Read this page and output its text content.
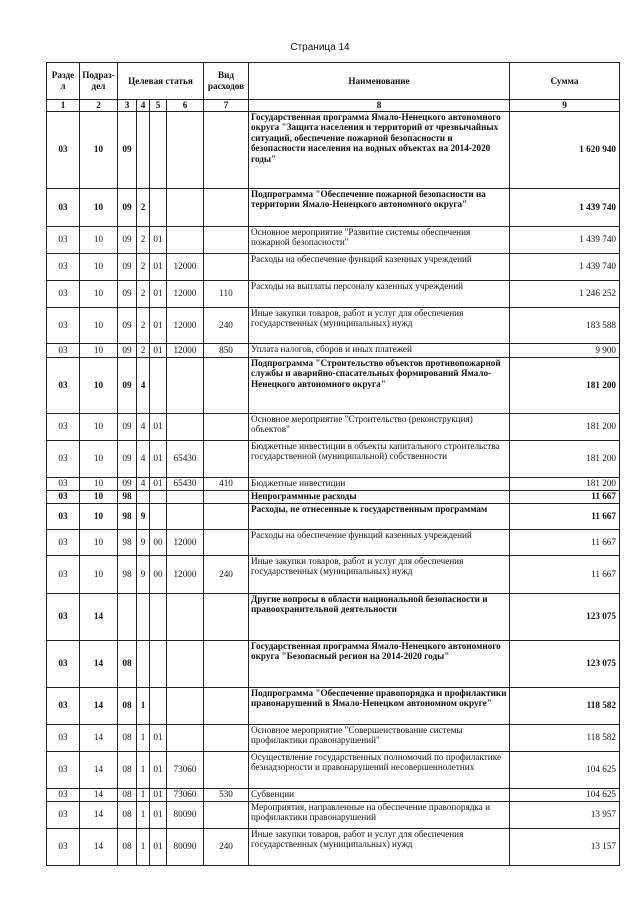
Страница 14
Разде л	Подраз-дел	Целевая статья				Вид расходов	Наименование	Сумма
1	2	3	4	5	6	7	8	9
03	10	09					Государственная программа Ямало-Ненецкого автономного округа "Защита населения и территорий от чрезвычайных ситуаций, обеспечение пожарной безопасности и безопасности населения на водных объектах на 2014-2020 годы"	1 620 940
03	10	09	2				Подпрограмма "Обеспечение пожарной безопасности на территории Ямало-Ненецкого автономного округа"	1 439 740
03	10	09	2	01			Основное мероприятие "Развитие системы обеспечения пожарной безопасности"	1 439 740
03	10	09	2	01	12000		Расходы на обеспечение функций казенных учреждений	1 439 740
03	10	09	2	01	12000	110	Расходы на выплаты персоналу казенных учреждений	1 246 252
03	10	09	2	01	12000	240	Иные закупки товаров, работ и услуг для обеспечения государственных (муниципальных) нужд	183 588
03	10	09	2	01	12000	850	Уплата налогов, сборов и иных платежей	9 900
03	10	09	4				Подпрограмма "Строительство объектов противопожарной службы и аварийно-спасательных формирований Ямало-Ненецкого автономного округа"	181 200
03	10	09	4	01			Основное мероприятие "Строительство (реконструкция) объектов"	181 200
03	10	09	4	01	65430		Бюджетные инвестиции в объекты капитального строительства государственной (муниципальной) собственности	181 200
03	10	09	4	01	65430	410	Бюджетные инвестиции	181 200
03	10	98					Непрограммные расходы	11 667
03	10	98	9				Расходы, не отнесенные к государственным программам	11 667
03	10	98	9	00	12000		Расходы на обеспечение функций казенных учреждений	11 667
03	10	98	9	00	12000	240	Иные закупки товаров, работ и услуг для обеспечения государственных (муниципальных) нужд	11 667
03	14						Другие вопросы в области национальной безопасности и правоохранительной деятельности	123 075
03	14	08					Государственная программа Ямало-Ненецкого автономного округа "Безопасный регион на 2014-2020 годы"	123 075
03	14	08	1				Подпрограмма "Обеспечение правопорядка и профилактики правонарушений в Ямало-Ненецком автономном округе"	118 582
03	14	08	1	01			Основное мероприятие "Совершенствование системы профилактики правонарушений"	118 582
03	14	08	1	01	73060		Осуществление государственных полномочий по профилактике безнадзорности и правонарушений несовершеннолетних	104 625
03	14	08	1	01	73060	530	Субвенции	104 625
03	14	08	1	01	80090		Мероприятия, направленные на обеспечение правопорядка и профилактики правонарушений	13 957
03	14	08	1	01	80090	240	Иные закупки товаров, работ и услуг для обеспечения государственных (муниципальных) нужд	13 157
